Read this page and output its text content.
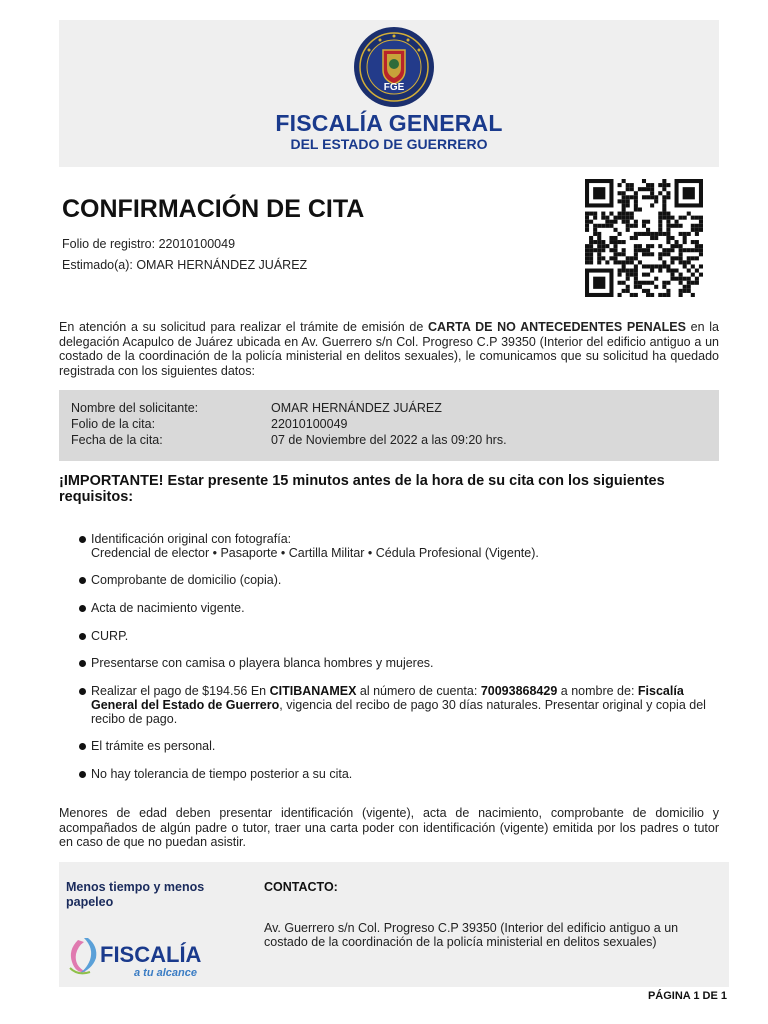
FGE
FISCALÍA GENERAL
DEL ESTADO DE GUERRERO
CONFIRMACIÓN DE CITA
Folio de registro: 22010100049
Estimado(a): OMAR HERNÁNDEZ JUÁREZ
En atención a su solicitud para realizar el trámite de emisión de CARTA DE NO ANTECEDENTES PENALES en la delegación Acapulco de Juárez ubicada en Av. Guerrero s/n Col. Progreso C.P 39350 (Interior del edificio antiguo a un costado de la coordinación de la policía ministerial en delitos sexuales), le comunicamos que su solicitud ha quedado registrada con los siguientes datos:
Nombre del solicitante:	OMAR HERNÁNDEZ JUÁREZ
Folio de la cita:	22010100049
Fecha de la cita:	07 de Noviembre del 2022 a las 09:20 hrs.
¡IMPORTANTE! Estar presente 15 minutos antes de la hora de su cita con los siguientes requisitos:
Identificación original con fotografía:
Credencial de elector • Pasaporte • Cartilla Militar • Cédula Profesional (Vigente).
Comprobante de domicilio (copia).
Acta de nacimiento vigente.
CURP.
Presentarse con camisa o playera blanca hombres y mujeres.
Realizar el pago de $194.56 En CITIBANAMEX al número de cuenta: 70093868429 a nombre de: Fiscalía General del Estado de Guerrero, vigencia del recibo de pago 30 días naturales. Presentar original y copia del recibo de pago.
El trámite es personal.
No hay tolerancia de tiempo posterior a su cita.
Menores de edad deben presentar identificación (vigente), acta de nacimiento, comprobante de domicilio y acompañados de algún padre o tutor, traer una carta poder con identificación (vigente) emitida por los padres o tutor en caso de que no puedan asistir.
Menos tiempo y menos papeleo
FISCALÍA
a tu alcance
CONTACTO:
Av. Guerrero s/n Col. Progreso C.P 39350 (Interior del edificio antiguo a un costado de la coordinación de la policía ministerial en delitos sexuales)
PÁGINA 1 DE 1
